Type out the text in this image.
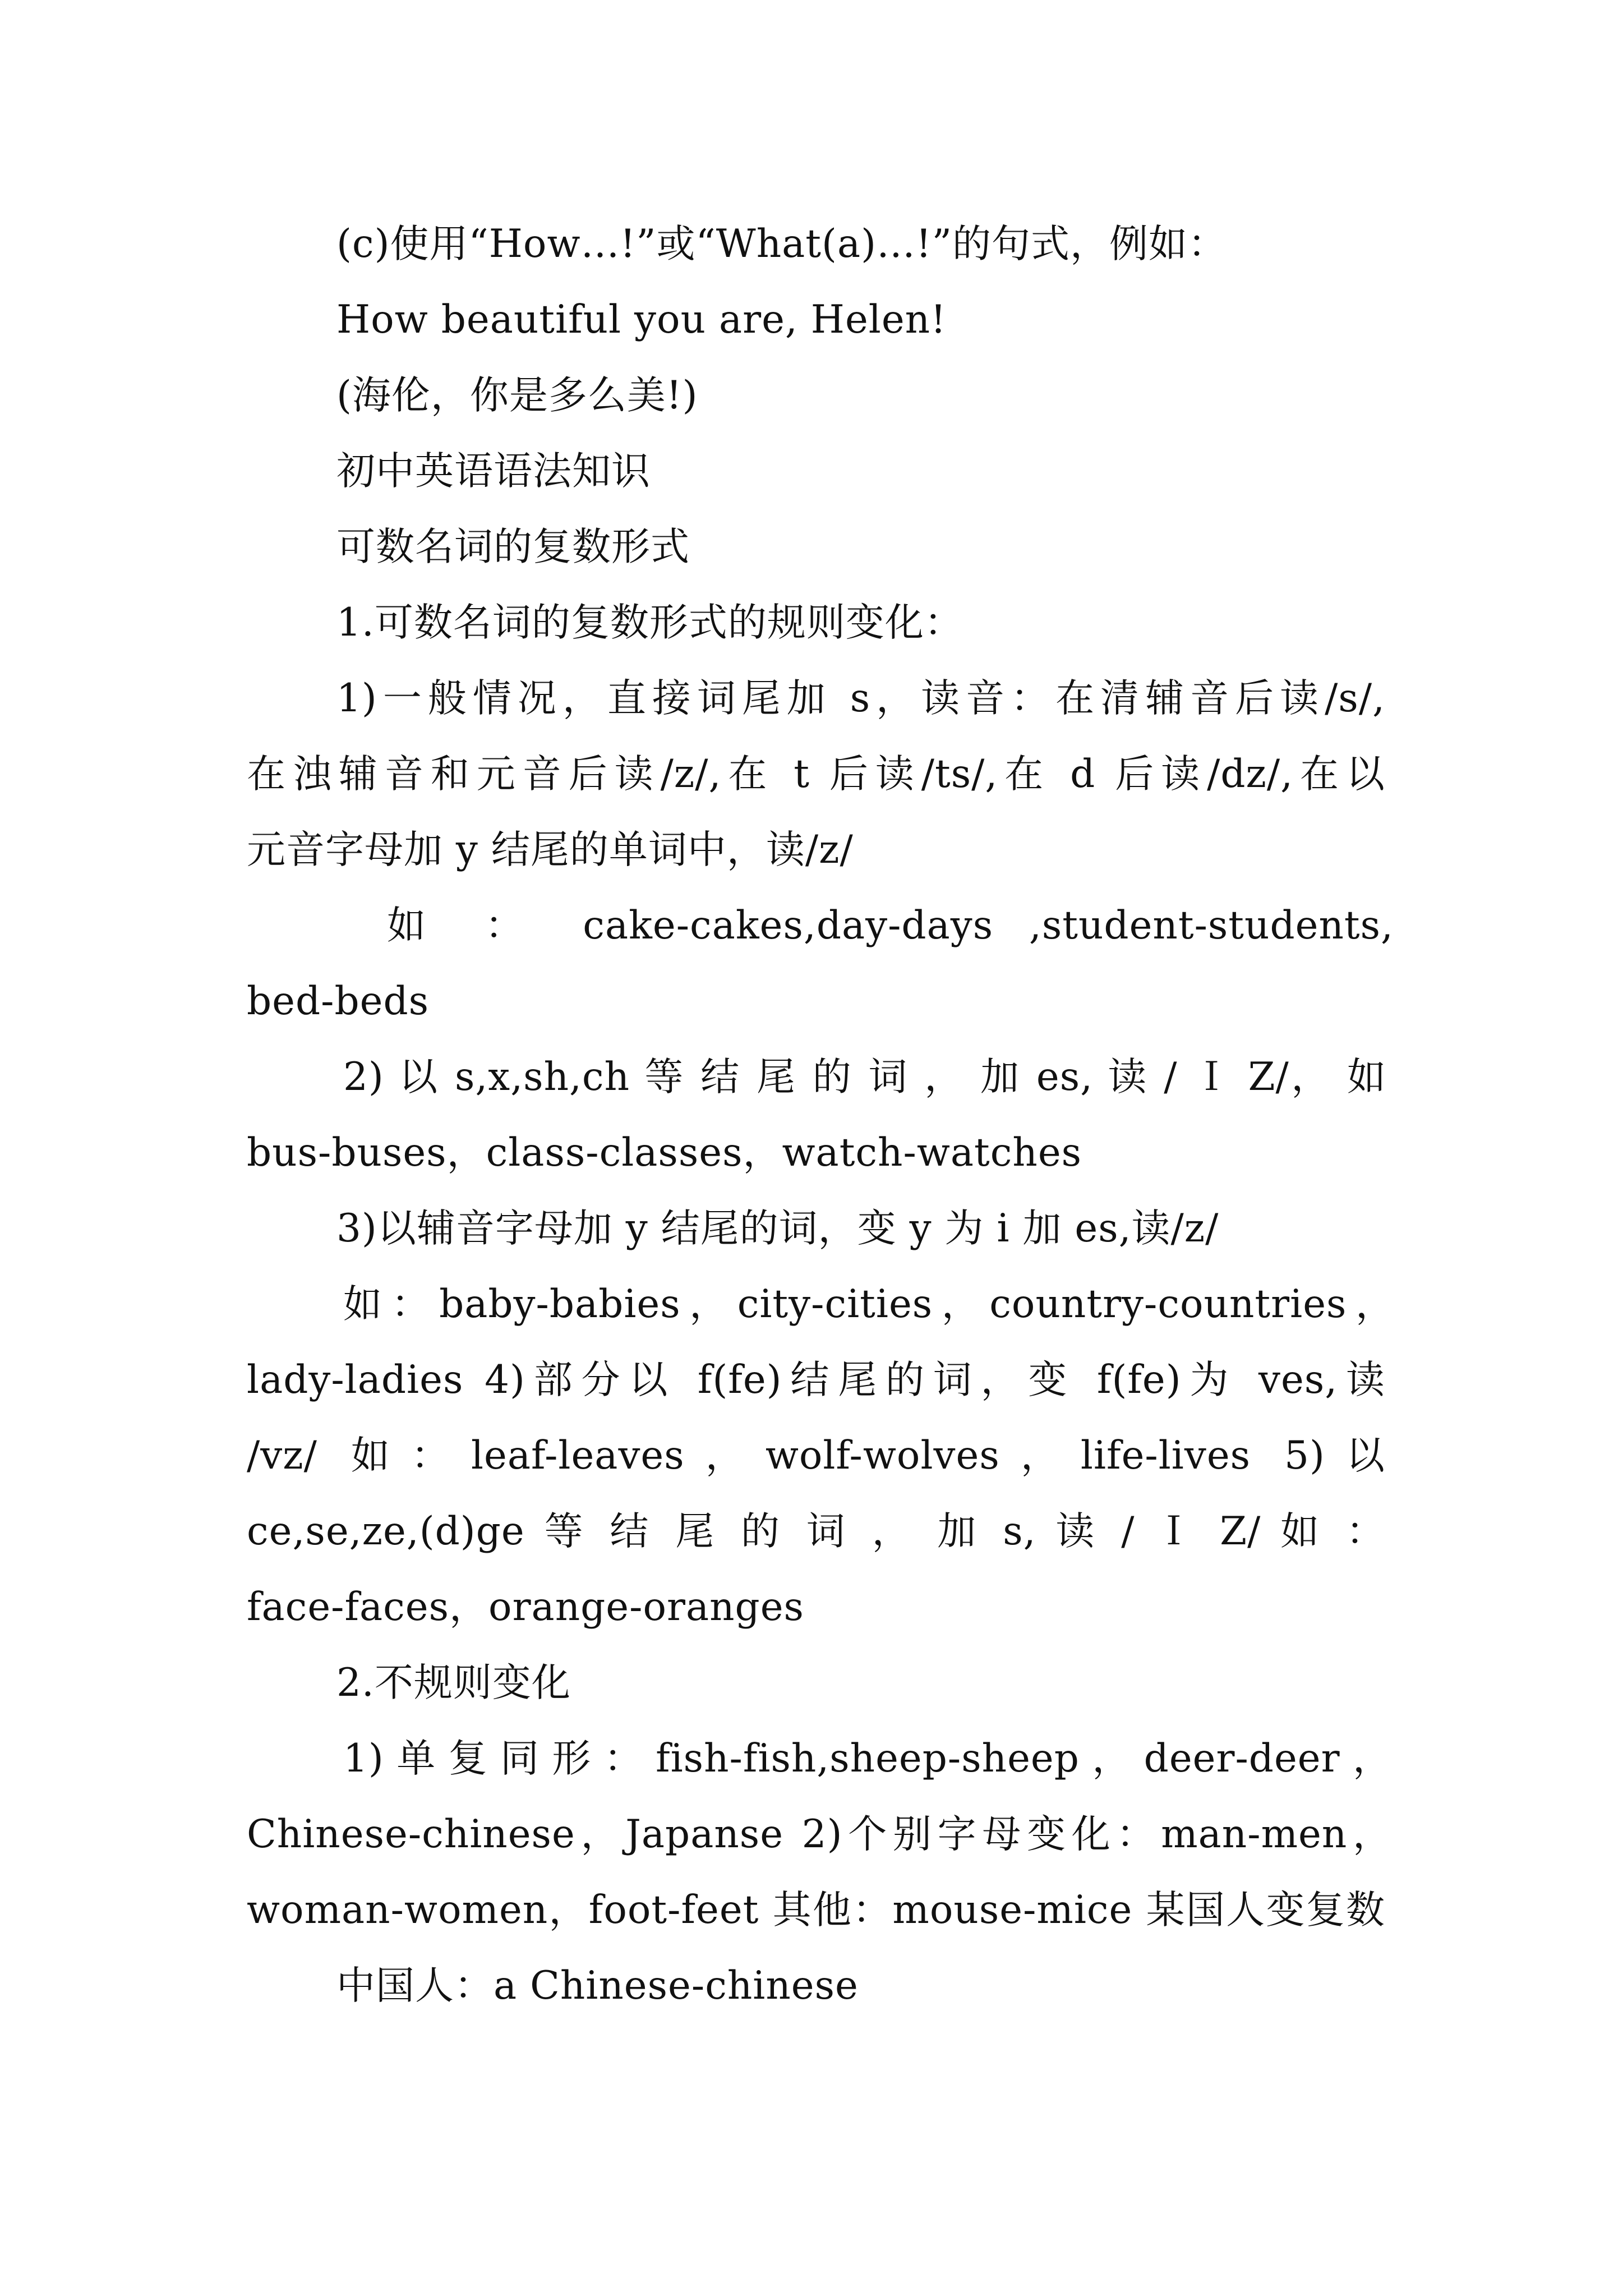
(c)使用“How…!”或“What(a)…!”的句式，例如：

How beautiful you are, Helen!

(海伦，你是多么美!)

初中英语语法知识

可数名词的复数形式

1.可数名词的复数形式的规则变化：

1)一般情况，直接词尾加 s，读音：在清辅音后读/s/,

在浊辅音和元音后读/z/,在 t 后读/ts/,在 d 后读/dz/,在以

元音字母加 y 结尾的单词中，读/z/

如 ： cake-cakes,day-days ,student-students,

bed-beds

2) 以 s,x,sh,ch 等 结 尾 的 词 ， 加 es, 读 / Ｉ Z/， 如

bus-buses，class-classes，watch-watches

3)以辅音字母加 y 结尾的词，变 y 为 i 加 es,读/z/

如：baby-babies，city-cities，country-countries，

lady-ladies 4)部分以 f(fe)结尾的词，变 f(fe)为 ves,读

/vz/ 如：leaf-leaves，wolf-wolves，life-lives 5)以

ce,se,ze,(d)ge 等 结 尾 的 词 ， 加 s, 读 / Ｉ Z/ 如 ：

face-faces，orange-oranges

2.不规则变化

1)单复同形：fish-fish,sheep-sheep，deer-deer，

Chinese-chinese，Japanse 2)个别字母变化：man-men，

woman-women，foot-feet 其他：mouse-mice 某国人变复数

中国人：a Chinese-chinese
